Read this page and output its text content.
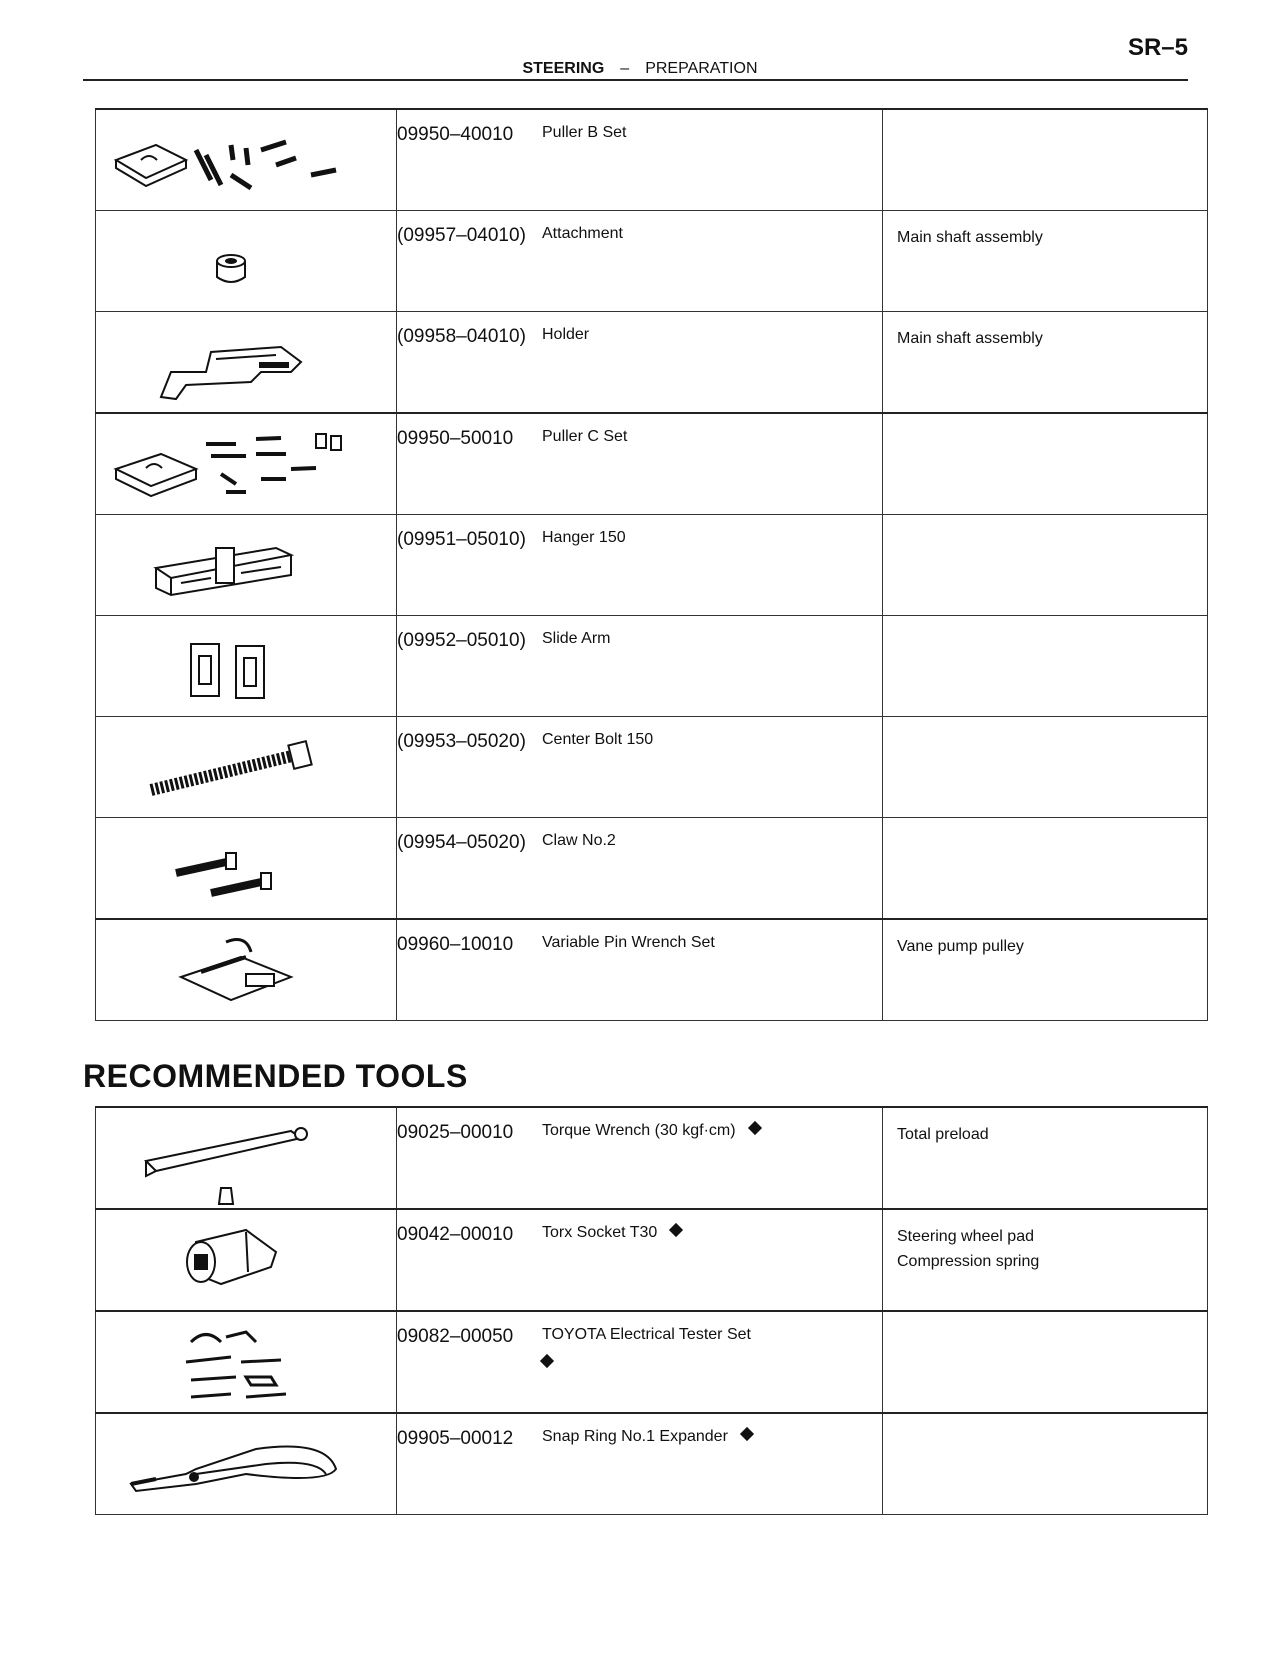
SR–5
STEERING – PREPARATION

09950–40010 Puller B Set	

(09957–04010) Attachment	Main shaft assembly

(09958–04010) Holder	Main shaft assembly

09950–50010 Puller C Set	

(09951–05010) Hanger 150	

(09952–05010) Slide Arm	

(09953–05020) Center Bolt 150	

(09954–05020) Claw No.2	

09960–10010 Variable Pin Wrench Set	Vane pump pulley
RECOMMENDED TOOLS

09025–00010 Torque Wrench (30 kgf·cm)	Total preload

09042–00010 Torx Socket T30	Steering wheel pad
Compression spring

09082–00050 TOYOTA Electrical Tester Set	

09905–00012 Snap Ring No.1 Expander	
